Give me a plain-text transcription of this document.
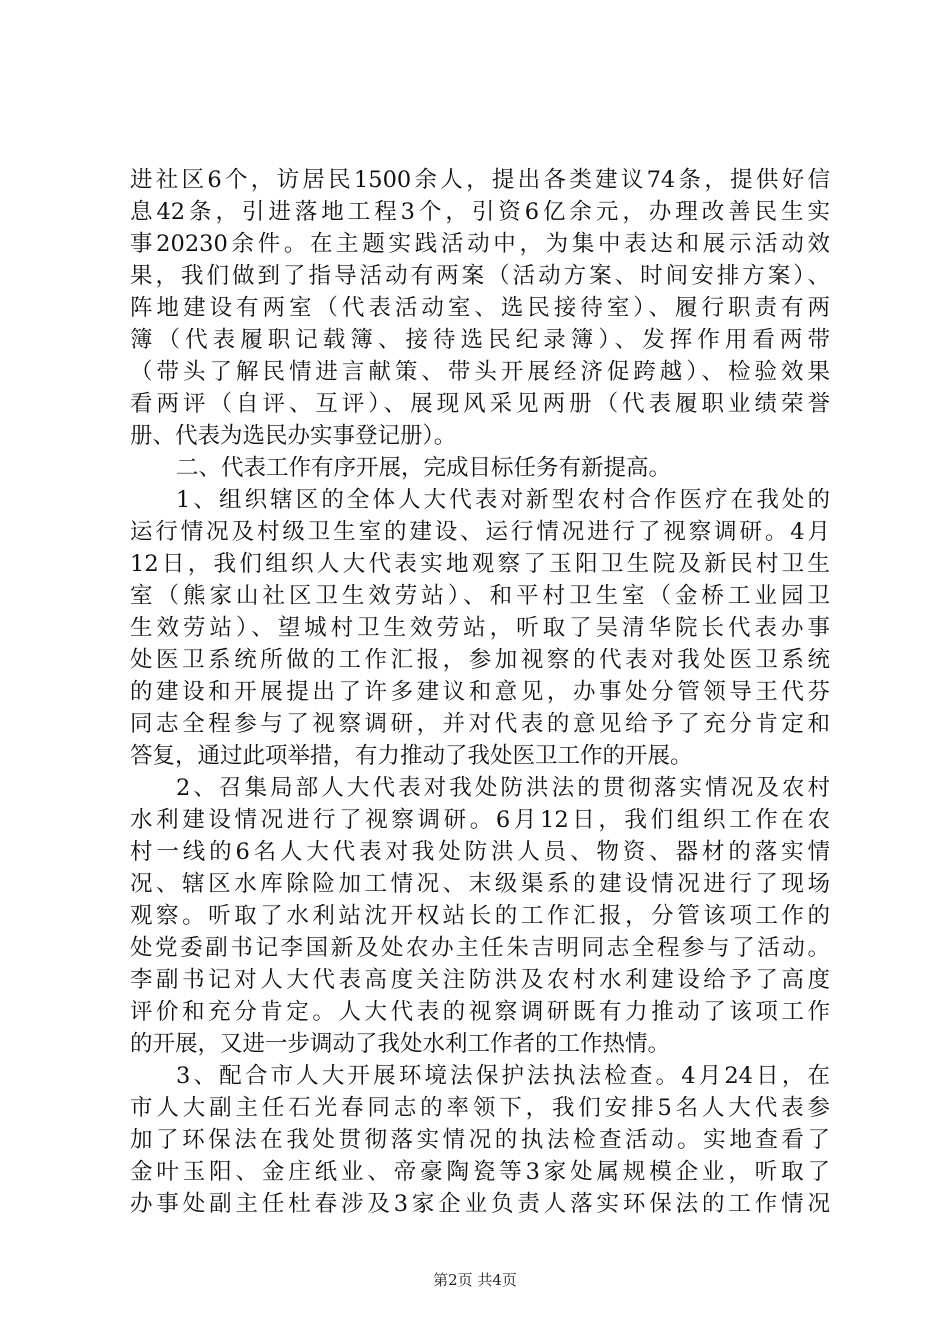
进社区6个，访居民1500余人，提出各类建议74条，提供好信
息42条，引进落地工程3个，引资6亿余元，办理改善民生实
事20230余件。在主题实践活动中，为集中表达和展示活动效
果，我们做到了指导活动有两案（活动方案、时间安排方案）、
阵地建设有两室（代表活动室、选民接待室）、履行职责有两
簿（代表履职记载簿、接待选民纪录簿）、发挥作用看两带
（带头了解民情进言献策、带头开展经济促跨越）、检验效果
看两评（自评、互评）、展现风采见两册（代表履职业绩荣誉
册、代表为选民办实事登记册）。
二、代表工作有序开展，完成目标任务有新提高。
1、组织辖区的全体人大代表对新型农村合作医疗在我处的
运行情况及村级卫生室的建设、运行情况进行了视察调研。4月
12日，我们组织人大代表实地观察了玉阳卫生院及新民村卫生
室（熊家山社区卫生效劳站）、和平村卫生室（金桥工业园卫
生效劳站）、望城村卫生效劳站，听取了吴清华院长代表办事
处医卫系统所做的工作汇报，参加视察的代表对我处医卫系统
的建设和开展提出了许多建议和意见，办事处分管领导王代芬
同志全程参与了视察调研，并对代表的意见给予了充分肯定和
答复，通过此项举措，有力推动了我处医卫工作的开展。
2、召集局部人大代表对我处防洪法的贯彻落实情况及农村
水利建设情况进行了视察调研。6月12日，我们组织工作在农
村一线的6名人大代表对我处防洪人员、物资、器材的落实情
况、辖区水库除险加工情况、末级渠系的建设情况进行了现场
观察。听取了水利站沈开权站长的工作汇报，分管该项工作的
处党委副书记李国新及处农办主任朱吉明同志全程参与了活动。
李副书记对人大代表高度关注防洪及农村水利建设给予了高度
评价和充分肯定。人大代表的视察调研既有力推动了该项工作
的开展，又进一步调动了我处水利工作者的工作热情。
3、配合市人大开展环境法保护法执法检查。4月24日，在
市人大副主任石光春同志的率领下，我们安排5名人大代表参
加了环保法在我处贯彻落实情况的执法检查活动。实地查看了
金叶玉阳、金庄纸业、帝豪陶瓷等3家处属规模企业，听取了
办事处副主任杜春涉及3家企业负责人落实环保法的工作情况
第2页 共4页
